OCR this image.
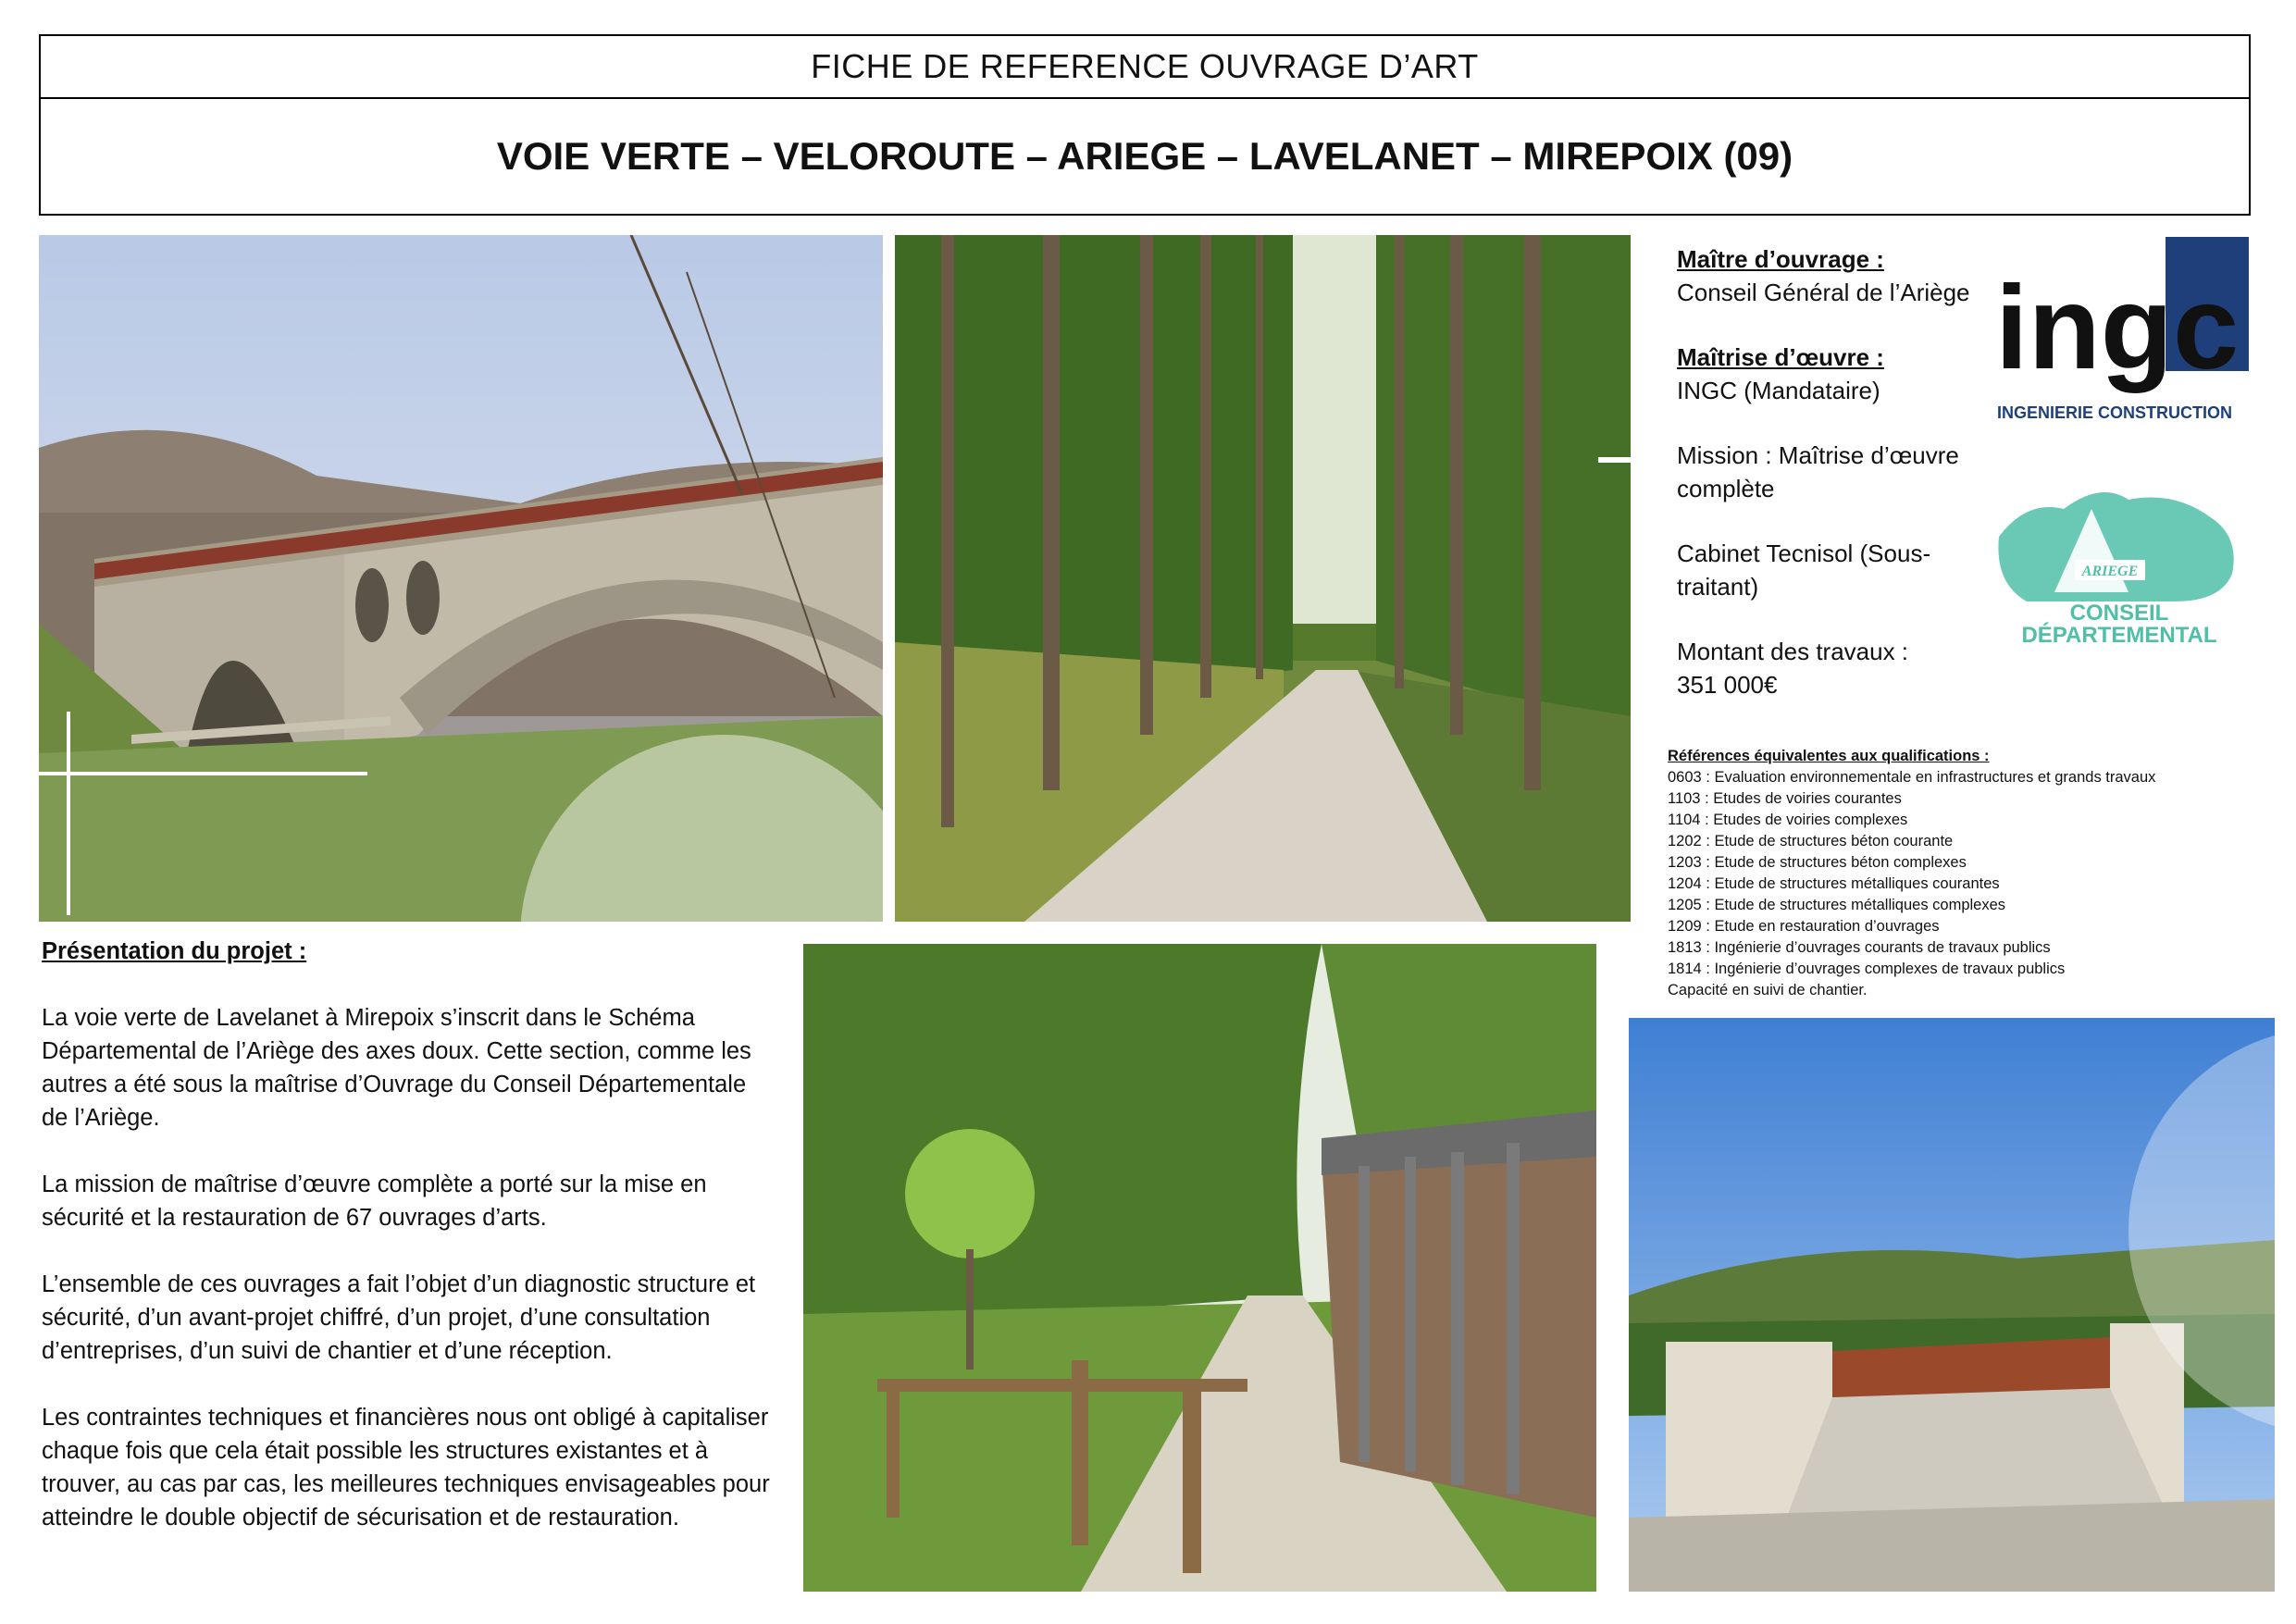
FICHE DE REFERENCE OUVRAGE D’ART
VOIE VERTE – VELOROUTE – ARIEGE – LAVELANET – MIREPOIX (09)

Maître d’ouvrage :
Conseil Général de l’Ariège

Maîtrise d’œuvre :
INGC (Mandataire)

Mission : Maîtrise d’œuvre complète

Cabinet Tecnisol (Sous-traitant)

Montant des travaux :
351 000€

ingc
INGENIERIE CONSTRUCTION
ARIEGE
CONSEIL
DÉPARTEMENTAL
Références équivalentes aux qualifications :
0603 : Evaluation environnementale en infrastructures et grands travaux
1103 : Etudes de voiries courantes
1104 : Etudes de voiries complexes
1202 : Etude de structures béton courante
1203 : Etude de structures béton complexes
1204 : Etude de structures métalliques courantes
1205 : Etude de structures métalliques complexes
1209 : Etude en restauration d’ouvrages
1813 : Ingénierie d’ouvrages courants de travaux publics
1814 : Ingénierie d’ouvrages complexes de travaux publics
Capacité en suivi de chantier.
Présentation du projet :

La voie verte de Lavelanet à Mirepoix s’inscrit dans le Schéma Départemental de l’Ariège des axes doux. Cette section, comme les autres a été sous la maîtrise d’Ouvrage du Conseil Départementale de l’Ariège.

La mission de maîtrise d’œuvre complète a porté sur la mise en sécurité et la restauration de 67 ouvrages d’arts.

L’ensemble de ces ouvrages a fait l’objet d’un diagnostic structure et sécurité, d’un avant-projet chiffré, d’un projet, d’une consultation d’entreprises, d’un suivi de chantier et d’une réception.

Les contraintes techniques et financières nous ont obligé à capitaliser chaque fois que cela était possible les structures existantes et à trouver, au cas par cas, les meilleures techniques envisageables pour atteindre le double objectif de sécurisation et de restauration.
